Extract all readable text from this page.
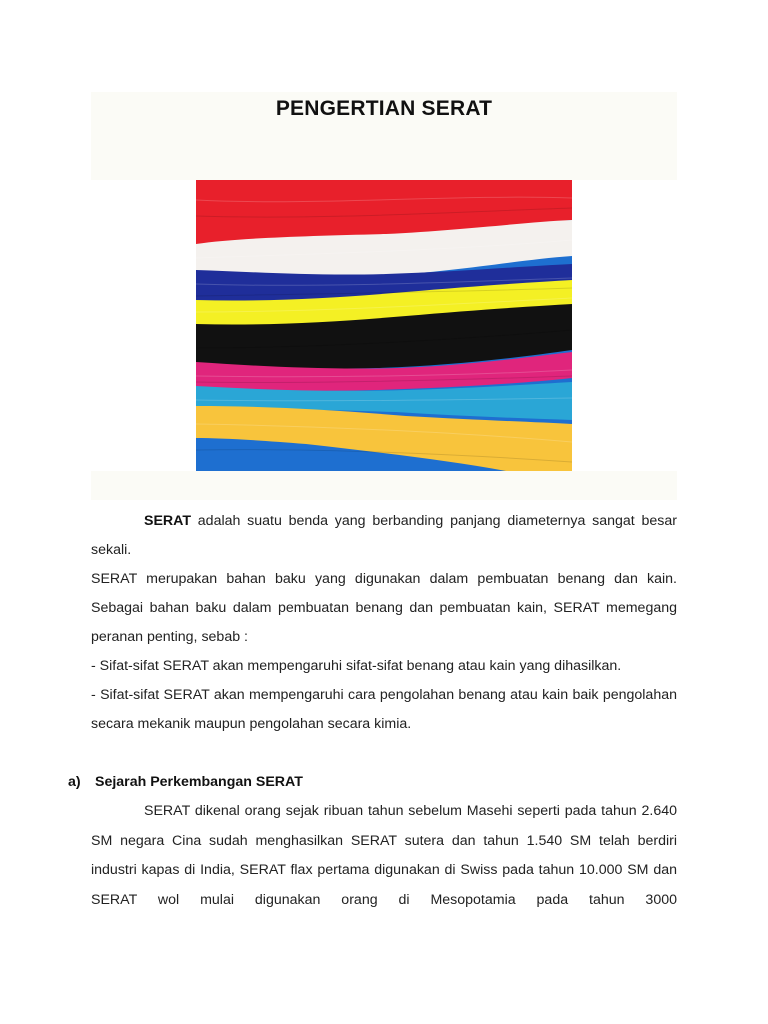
PENGERTIAN SERAT

SERAT adalah suatu benda yang berbanding panjang diameternya sangat besar sekali.

SERAT merupakan bahan baku yang digunakan dalam pembuatan benang dan kain. Sebagai bahan baku dalam pembuatan benang dan pembuatan kain, SERAT memegang peranan penting, sebab :

- Sifat-sifat SERAT akan mempengaruhi sifat-sifat benang atau kain yang dihasilkan.

- Sifat-sifat SERAT akan mempengaruhi cara pengolahan benang atau kain baik pengolahan secara mekanik maupun pengolahan secara kimia.

a) Sejarah Perkembangan SERAT

SERAT dikenal orang sejak ribuan tahun sebelum Masehi seperti pada tahun 2.640 SM negara Cina sudah menghasilkan SERAT sutera dan tahun 1.540 SM telah berdiri industri kapas di India, SERAT flax pertama digunakan di Swiss pada tahun 10.000 SM dan SERAT wol mulai digunakan orang di Mesopotamia pada tahun 3000
